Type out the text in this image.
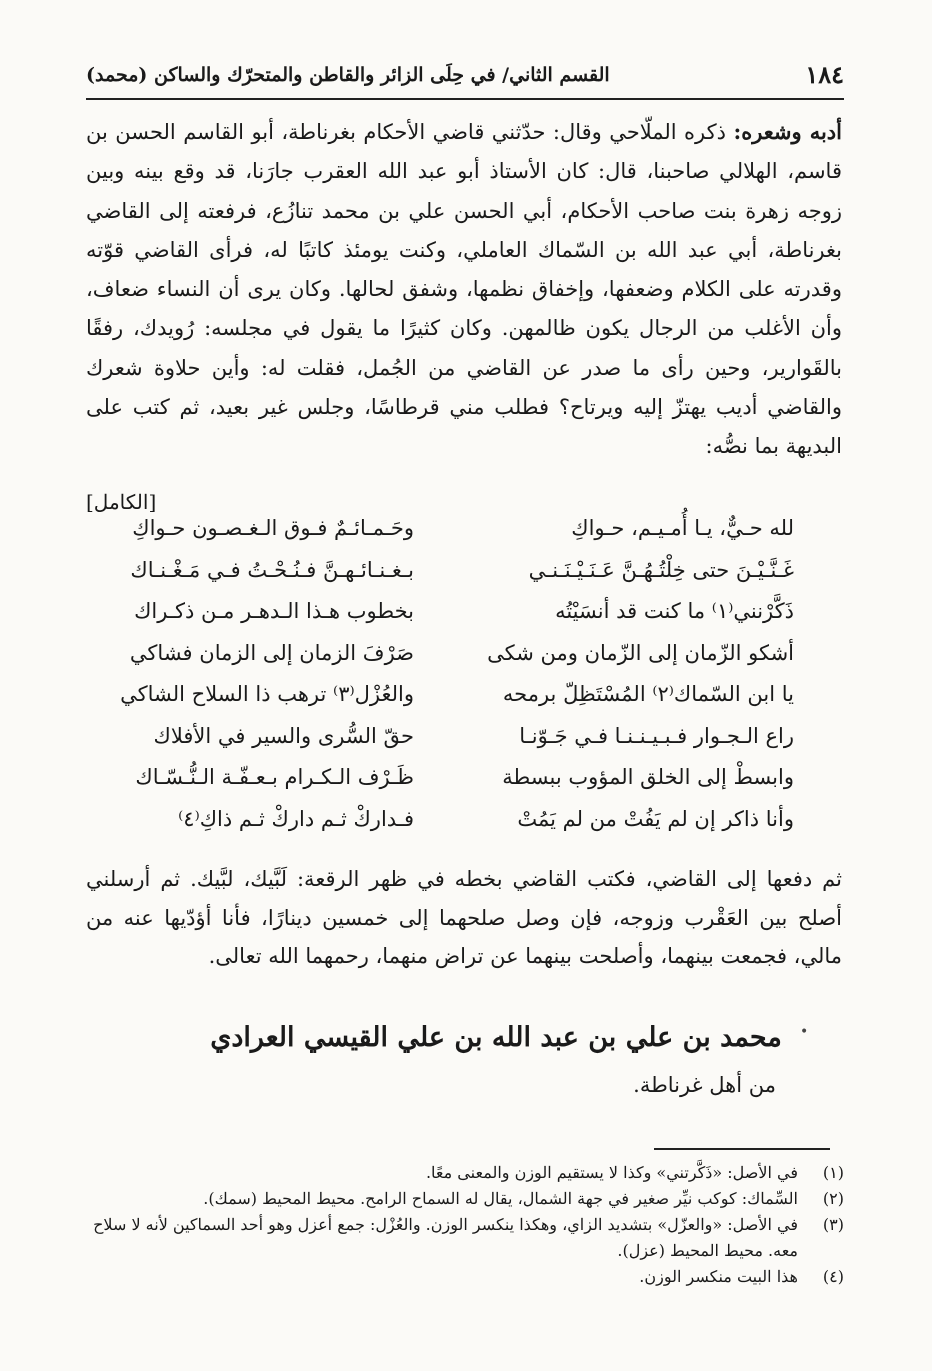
١٨٤
القسم الثاني/ في حِلَى الزائر والقاطن والمتحرّك والساكن (محمد)
أدبه وشعره: ذكره الملّاحي وقال: حدّثني قاضي الأحكام بغرناطة، أبو القاسم الحسن بن قاسم، الهلالي صاحبنا، قال: كان الأستاذ أبو عبد الله العقرب جارَنا، قد وقع بينه وبين زوجه زهرة بنت صاحب الأحكام، أبي الحسن علي بن محمد تنازُع، فرفعته إلى القاضي بغرناطة، أبي عبد الله بن السّماك العاملي، وكنت يومئذ كاتبًا له، فرأى القاضي قوّته وقدرته على الكلام وضعفها، وإخفاق نظمها، وشفق لحالها. وكان يرى أن النساء ضعاف، وأن الأغلب من الرجال يكون ظالمهن. وكان كثيرًا ما يقول في مجلسه: رُويدك، رفقًا بالقَوارير، وحين رأى ما صدر عن القاضي من الجُمل، فقلت له: وأين حلاوة شعرك والقاضي أديب يهتزّ إليه ويرتاح؟ فطلب مني قرطاسًا، وجلس غير بعيد، ثم كتب على البديهة بما نصُّه:
[الكامل]
لله حـيٌّ، يـا أُمـيـم، حـواكِ
وحَـمـائـمٌ فـوق الـغـصـون حـواكِ
غَـنَّـيْـنَ حتى خِلْتُـهُـنَّ عَـنَـيْـنَـنـي
بـغـنـائـهـنَّ فـنُـحْـتُ فـي مَـغْـنـاك
ذَكَّرْنني⁽١⁾ ما كنت قد أنسَيْتُه
بخطوب هـذا الـدهـر مـن ذكـراك
أشكو الزّمان إلى الزّمان ومن شكى
صَرْفَ الزمان إلى الزمان فشاكي
يا ابن السّماك⁽٢⁾ المُسْتَظِلّ برمحه
والعُزْل⁽٣⁾ ترهب ذا السلاح الشاكي
راع الـجـوار فـبـيـنـنـا فـي جَـوّنـا
حقّ السُّرى والسير في الأفلاك
وابسطْ إلى الخلق المؤوب ببسطة
ظَـرْف الـكـرام بـعـفّـة الـنُّـسّـاك
وأنا ذاكر إن لم يَفُتْ من لم يَمُتْ
فـداركْ ثـم داركْ ثـم ذاكِ⁽٤⁾
ثم دفعها إلى القاضي، فكتب القاضي بخطه في ظهر الرقعة: لَبَّيك، لبَّيك. ثم أرسلني أصلح بين العَقْرب وزوجه، فإن وصل صلحهما إلى خمسين دينارًا، فأنا أؤدّيها عنه من مالي، فجمعت بينهما، وأصلحت بينهما عن تراض منهما، رحمهما الله تعالى.
•
محمد بن علي بن عبد الله بن علي القيسي العرادي
من أهل غرناطة.
(١)
في الأصل: «ذَكَّرتني» وكذا لا يستقيم الوزن والمعنى معًا.
(٢)
السِّماك: كوكب نيِّر صغير في جهة الشمال، يقال له السماح الرامح. محيط المحيط (سمك).
(٣)
في الأصل: «والعزّل» بتشديد الزاي، وهكذا ينكسر الوزن. والعُزْل: جمع أعزل وهو أحد السماكين لأنه لا سلاح معه. محيط المحيط (عزل).
(٤)
هذا البيت منكسر الوزن.
